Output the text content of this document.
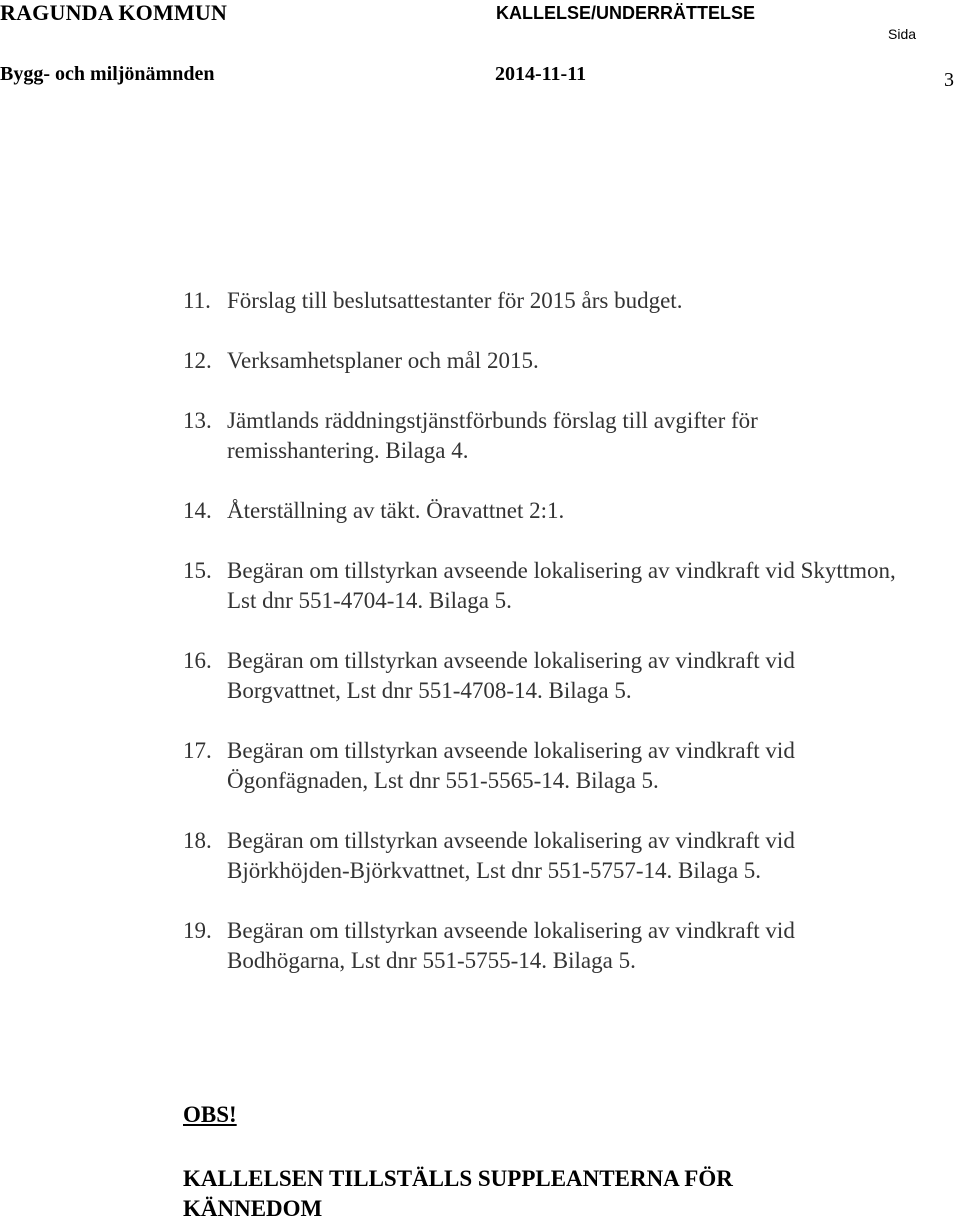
RAGUNDA KOMMUN	KALLELSE/UNDERRÄTTELSE
Sida
Bygg- och miljönämnden	2014-11-11	3
11. Förslag till beslutsattestanter för 2015 års budget.
12. Verksamhetsplaner och mål 2015.
13. Jämtlands räddningstjänstförbunds förslag till avgifter för remisshantering. Bilaga 4.
14. Återställning av täkt. Öravattnet 2:1.
15. Begäran om tillstyrkan avseende lokalisering av vindkraft vid Skyttmon, Lst dnr 551-4704-14. Bilaga 5.
16. Begäran om tillstyrkan avseende lokalisering av vindkraft vid Borgvattnet, Lst dnr 551-4708-14. Bilaga 5.
17. Begäran om tillstyrkan avseende lokalisering av vindkraft vid Ögonfägnaden, Lst dnr 551-5565-14. Bilaga 5.
18. Begäran om tillstyrkan avseende lokalisering av vindkraft vid Björkhöjden-Björkvattnet, Lst dnr 551-5757-14. Bilaga 5.
19. Begäran om tillstyrkan avseende lokalisering av vindkraft vid Bodhögarna, Lst dnr 551-5755-14. Bilaga 5.
OBS!
KALLELSEN TILLSTÄLLS SUPPLEANTERNA FÖR KÄNNEDOM
